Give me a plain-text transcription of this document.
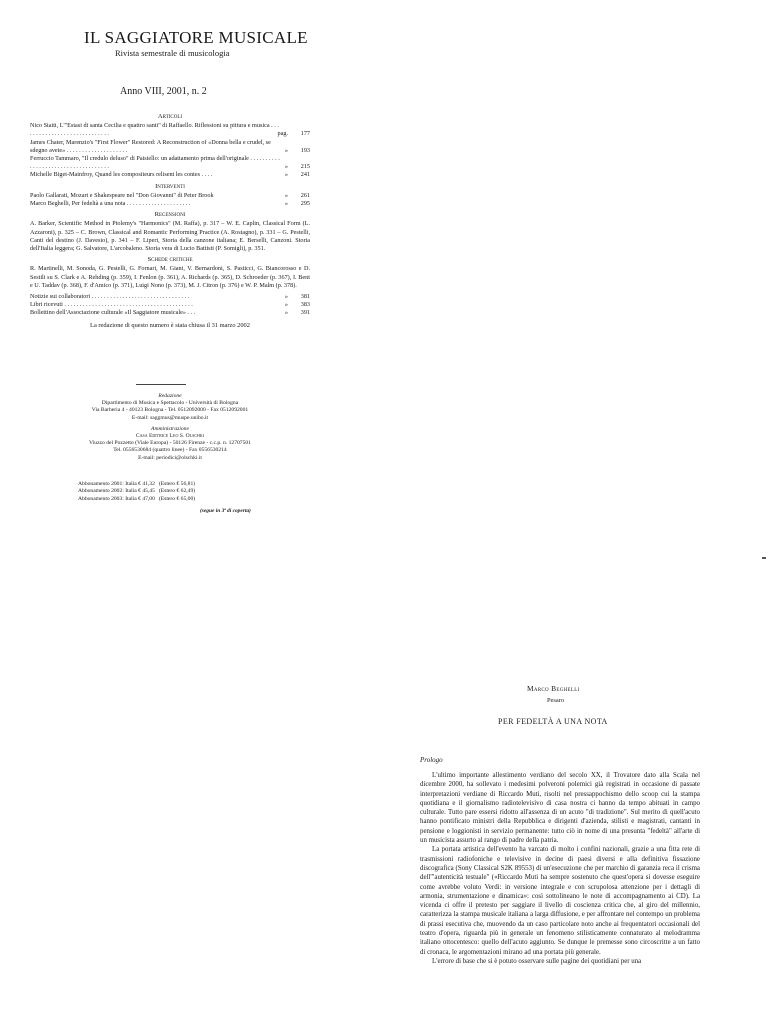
IL SAGGIATORE MUSICALE
Rivista semestrale di musicologia
Anno VIII, 2001, n. 2
Articoli
Nico Staiti, L'"Estasi di santa Cecilia e quattro santi" di Raffaello. Riflessioni su pittura e musica . . . . . . . . . . . . . . . . . . . . . . . . . . . . .	pag.	177
James Chater, Marenzio's "First Flower" Restored: A Reconstruction of «Donna bella e crudel, se sdegno avete» . . . . . . . . . . . . . . . . . . . .	»	193
Ferruccio Tammaro, "Il credulo deluso" di Paisiello: un adattamento prima dell'originale . . . . . . . . . . . . . . . . . . . . . . . . . . . . . . . . . . . .	»	215
Michelle Biget-Mainfroy, Quand les compositeurs relisent les contes . . . .	»	241
Interventi
Paolo Gallarati, Mozart e Shakespeare nel "Don Giovanni" di Peter Brook	»	261
Marco Beghelli, Per fedeltà a una nota . . . . . . . . . . . . . . . . . . . . .	»	295
Recensioni
A. Barker, Scientific Method in Ptolemy's "Harmonics" (M. Raffa), p. 317 – W. E. Caplin, Classical Form (L. Azzaroni), p. 325 – C. Brown, Classical and Romantic Performing Practice (A. Rostagno), p. 331 – G. Pestelli, Canti del destino (J. Davesio), p. 341 – F. Liperi, Storia della canzone italiana; E. Berselli, Canzoni. Storia dell'Italia leggera; G. Salvatore, L'arcobaleno. Storia vera di Lucio Battisti (P. Somigli), p. 351.
Schede critiche
R. Martinelli, M. Sonoda, G. Pestelli, G. Fornari, M. Giani, V. Bernardoni, S. Pasticci, G. Biancorosso e D. Sestili su S. Clark e A. Rehding (p. 359), I. Fenlon (p. 361), A. Richards (p. 365), D. Schroeder (p. 367), I. Bent e U. Taddav (p. 368), F. d'Amico (p. 371), Luigi Nono (p. 373), M. J. Citron (p. 376) e W. P. Malm (p. 378).
Notizie sui collaboratori . . . . . . . . . . . . . . . . . . . . . . . . . . . . . . . .	»	381
Libri ricevuti . . . . . . . . . . . . . . . . . . . . . . . . . . . . . . . . . . . . . . . . . .	»	383
Bollettino dell'Associazione culturale «Il Saggiatore musicale» . . .	»	391
La redazione di questo numero è stata chiusa il 31 marzo 2002
Redazione
Dipartimento di Musica e Spettacolo - Università di Bologna
Via Barberia 4 - 40123 Bologna - Tel. 0512092000 - Fax 0512092001
E-mail: saggmus@muspe.unibo.it
Amministrazione
Casa Editrice Leo S. Olschki
Viuzzo del Pozzetto (Viale Europa) - 50126 Firenze - c.c.p. n. 12707501
Tel. 0556530684 (quattro linee) - Fax 0556530214
E-mail: periodici@olschki.it
Abbonamento 2001: Italia € 41,32 (Estero € 56,81)
Abbonamento 2002: Italia € 45,45 (Estero € 62,49)
Abbonamento 2003: Italia € 47,00 (Estero € 65,00)
(segue in 3ª di coperta)
Marco Beghelli
Pesaro
PER FEDELTÀ A UNA NOTA
Prologo

L'ultimo importante allestimento verdiano del secolo XX, il Trovatore dato alla Scala nel dicembre 2000, ha sollevato i medesimi polveroni polemici già registrati in occasione di passate interpretazioni verdiane di Riccardo Muti, risolti nel pressappochismo dello scoop cui la stampa quotidiana e il giornalismo radiotelevisivo di casa nostra ci hanno da tempo abituati in campo culturale. Tutto pare essersi ridotto all'assenza di un acuto "di tradizione". Sul merito di quell'acuto hanno pontificato ministri della Repubblica e dirigenti d'azienda, stilisti e magistrati, cantanti in pensione e loggionisti in servizio permanente: tutto ciò in nome di una presunta "fedeltà" all'arte di un musicista assurto al rango di padre della patria.

La portata artistica dell'evento ha varcato di molto i confini nazionali, grazie a una fitta rete di trasmissioni radiofoniche e televisive in decine di paesi diversi e alla definitiva fissazione discografica (Sony Classical S2K 89553) di un'esecuzione che per marchio di garanzia reca il crisma dell'"autenticità testuale" («Riccardo Muti ha sempre sostenuto che quest'opera si dovesse eseguire come avrebbe voluto Verdi: in versione integrale e con scrupolosa attenzione per i dettagli di armonia, strumentazione e dinamica»: così sottolineano le note di accompagnamento ai CD). La vicenda ci offre il pretesto per saggiare il livello di coscienza critica che, al giro del millennio, caratterizza la stampa musicale italiana a larga diffusione, e per affrontare nel contempo un problema di prassi esecutiva che, muovendo da un caso particolare noto anche ai frequentatori occasionali del teatro d'opera, riguarda più in generale un fenomeno stilisticamente connaturato al melodramma italiano ottocentesco: quello dell'acuto aggiunto. Se dunque le premesse sono circoscritte a un fatto di cronaca, le argomentazioni mirano ad una portata più generale.

L'errore di base che si è potuto osservare sulle pagine dei quotidiani per una
